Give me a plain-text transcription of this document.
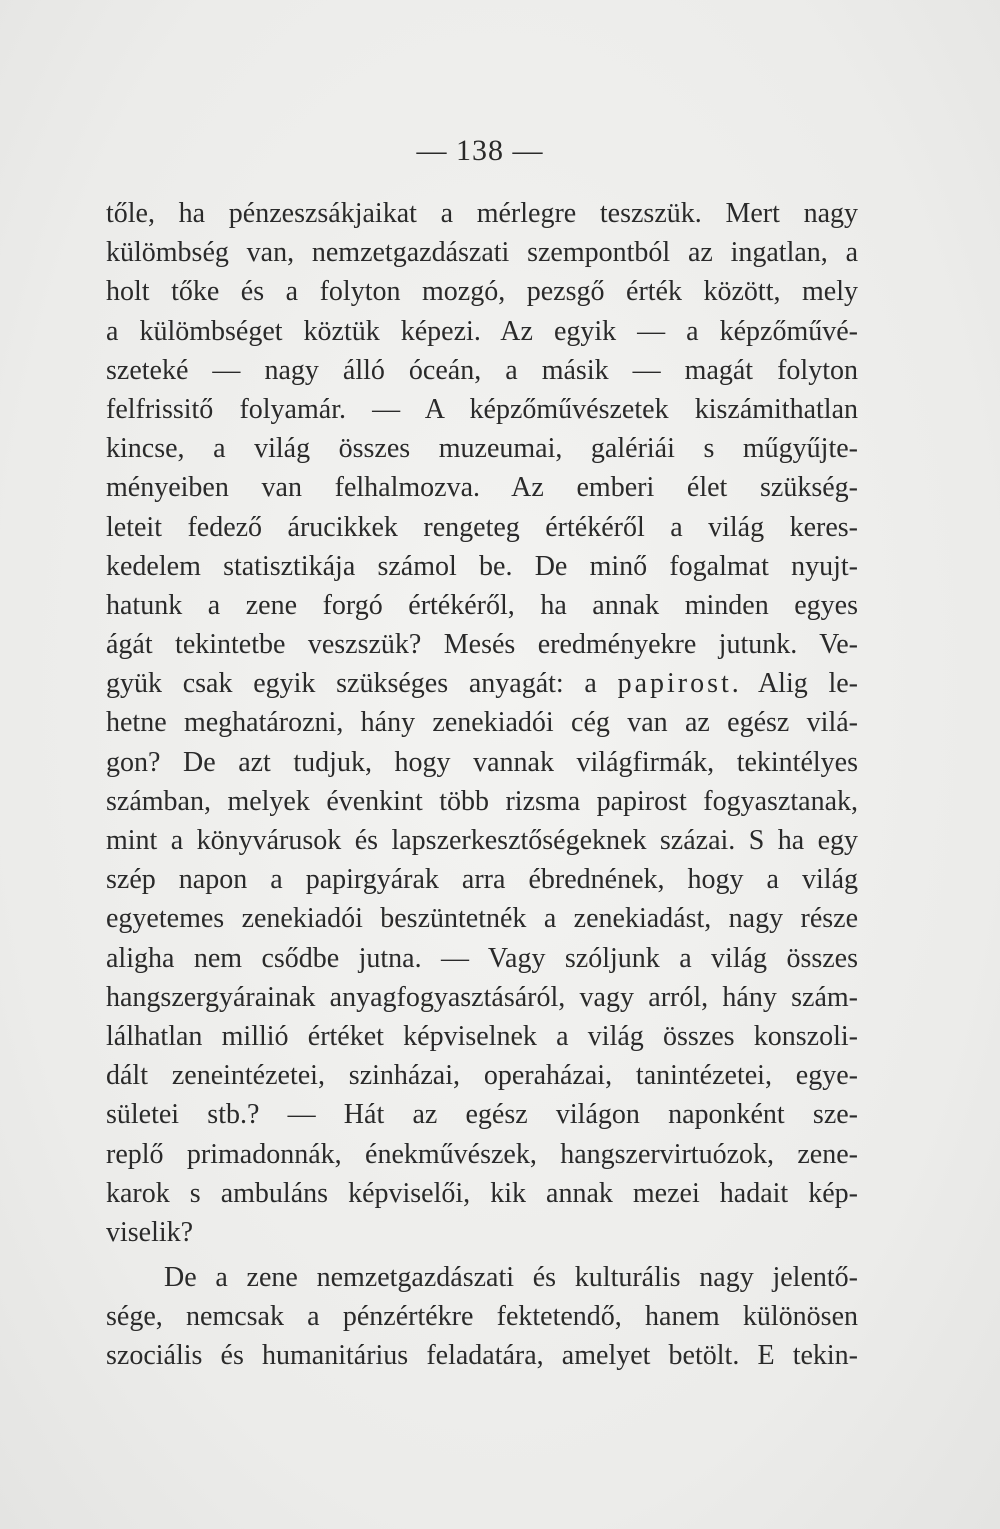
— 138 —
tőle, ha pénzeszsákjaikat a mérlegre teszszük. Mert nagy
külömbség van, nemzetgazdászati szempontból az ingatlan, a
holt tőke és a folyton mozgó, pezsgő érték között, mely
a külömbséget köztük képezi. Az egyik — a képzőművé-
szeteké — nagy álló óceán, a másik — magát folyton
felfrissitő folyamár. — A képzőművészetek kiszámithatlan
kincse, a világ összes muzeumai, galériái s műgyűjte-
ményeiben van felhalmozva. Az emberi élet szükség-
leteit fedező árucikkek rengeteg értékéről a világ keres-
kedelem statisztikája számol be. De minő fogalmat nyujt-
hatunk a zene forgó értékéről, ha annak minden egyes
ágát tekintetbe veszszük? Mesés eredményekre jutunk. Ve-
gyük csak egyik szükséges anyagát: a papirost. Alig le-
hetne meghatározni, hány zenekiadói cég van az egész vilá-
gon? De azt tudjuk, hogy vannak világfirmák, tekintélyes
számban, melyek évenkint több rizsma papirost fogyasztanak,
mint a könyvárusok és lapszerkesztőségeknek százai. S ha egy
szép napon a papirgyárak arra ébrednének, hogy a világ
egyetemes zenekiadói beszüntetnék a zenekiadást, nagy része
aligha nem csődbe jutna. — Vagy szóljunk a világ összes
hangszergyárainak anyagfogyasztásáról, vagy arról, hány szám-
lálhatlan millió értéket képviselnek a világ összes konszoli-
dált zeneintézetei, szinházai, operaházai, tanintézetei, egye-
sületei stb.? — Hát az egész világon naponként sze-
replő primadonnák, énekművészek, hangszervirtuózok, zene-
karok s ambuláns képviselői, kik annak mezei hadait kép-
viselik?
De a zene nemzetgazdászati és kulturális nagy jelentő-
sége, nemcsak a pénzértékre fektetendő, hanem különösen
szociális és humanitárius feladatára, amelyet betölt. E tekin-
